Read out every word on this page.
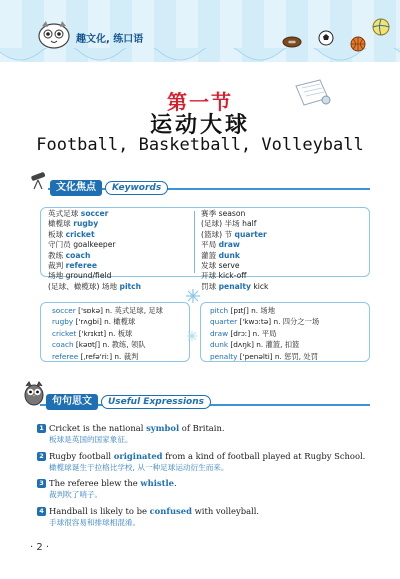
趣文化, 练口语
第一节
运动大球
Football, Basketball, Volleyball
文化焦点	Keywords
英式足球 soccer
橄榄球 rugby
板球 cricket
守门员 goalkeeper
教练 coach
裁判 referee
场地 ground/field
(足球、橄榄球) 场地 pitch
赛季 season
(足球) 半场 half
(篮球) 节 quarter
平局 draw
灌篮 dunk
发球 serve
开球 kick-off
罚球 penalty kick
soccer ['sɒkə] n. 英式足球, 足球
rugby ['rʌgbi] n. 橄榄球
cricket ['krɪkɪt] n. 板球
coach [kəʊtʃ] n. 教练, 领队
referee [ˌrefə'riː] n. 裁判
pitch [pɪtʃ] n. 场地
quarter ['kwɔːtə] n. 四分之一场
draw [drɔː] n. 平局
dunk [dʌŋk] n. 灌篮, 扣篮
penalty ['penəlti] n. 惩罚, 处罚
句句思文	Useful Expressions
1 Cricket is the national symbol of Britain.
板球是英国的国家象征。
2 Rugby football originated from a kind of football played at Rugby School.
橄榄球诞生于拉格比学校, 从一种足球运动衍生而来。
3 The referee blew the whistle.
裁判吹了哨子。
4 Handball is likely to be confused with volleyball.
手球很容易和排球相混淆。
· 2 ·
